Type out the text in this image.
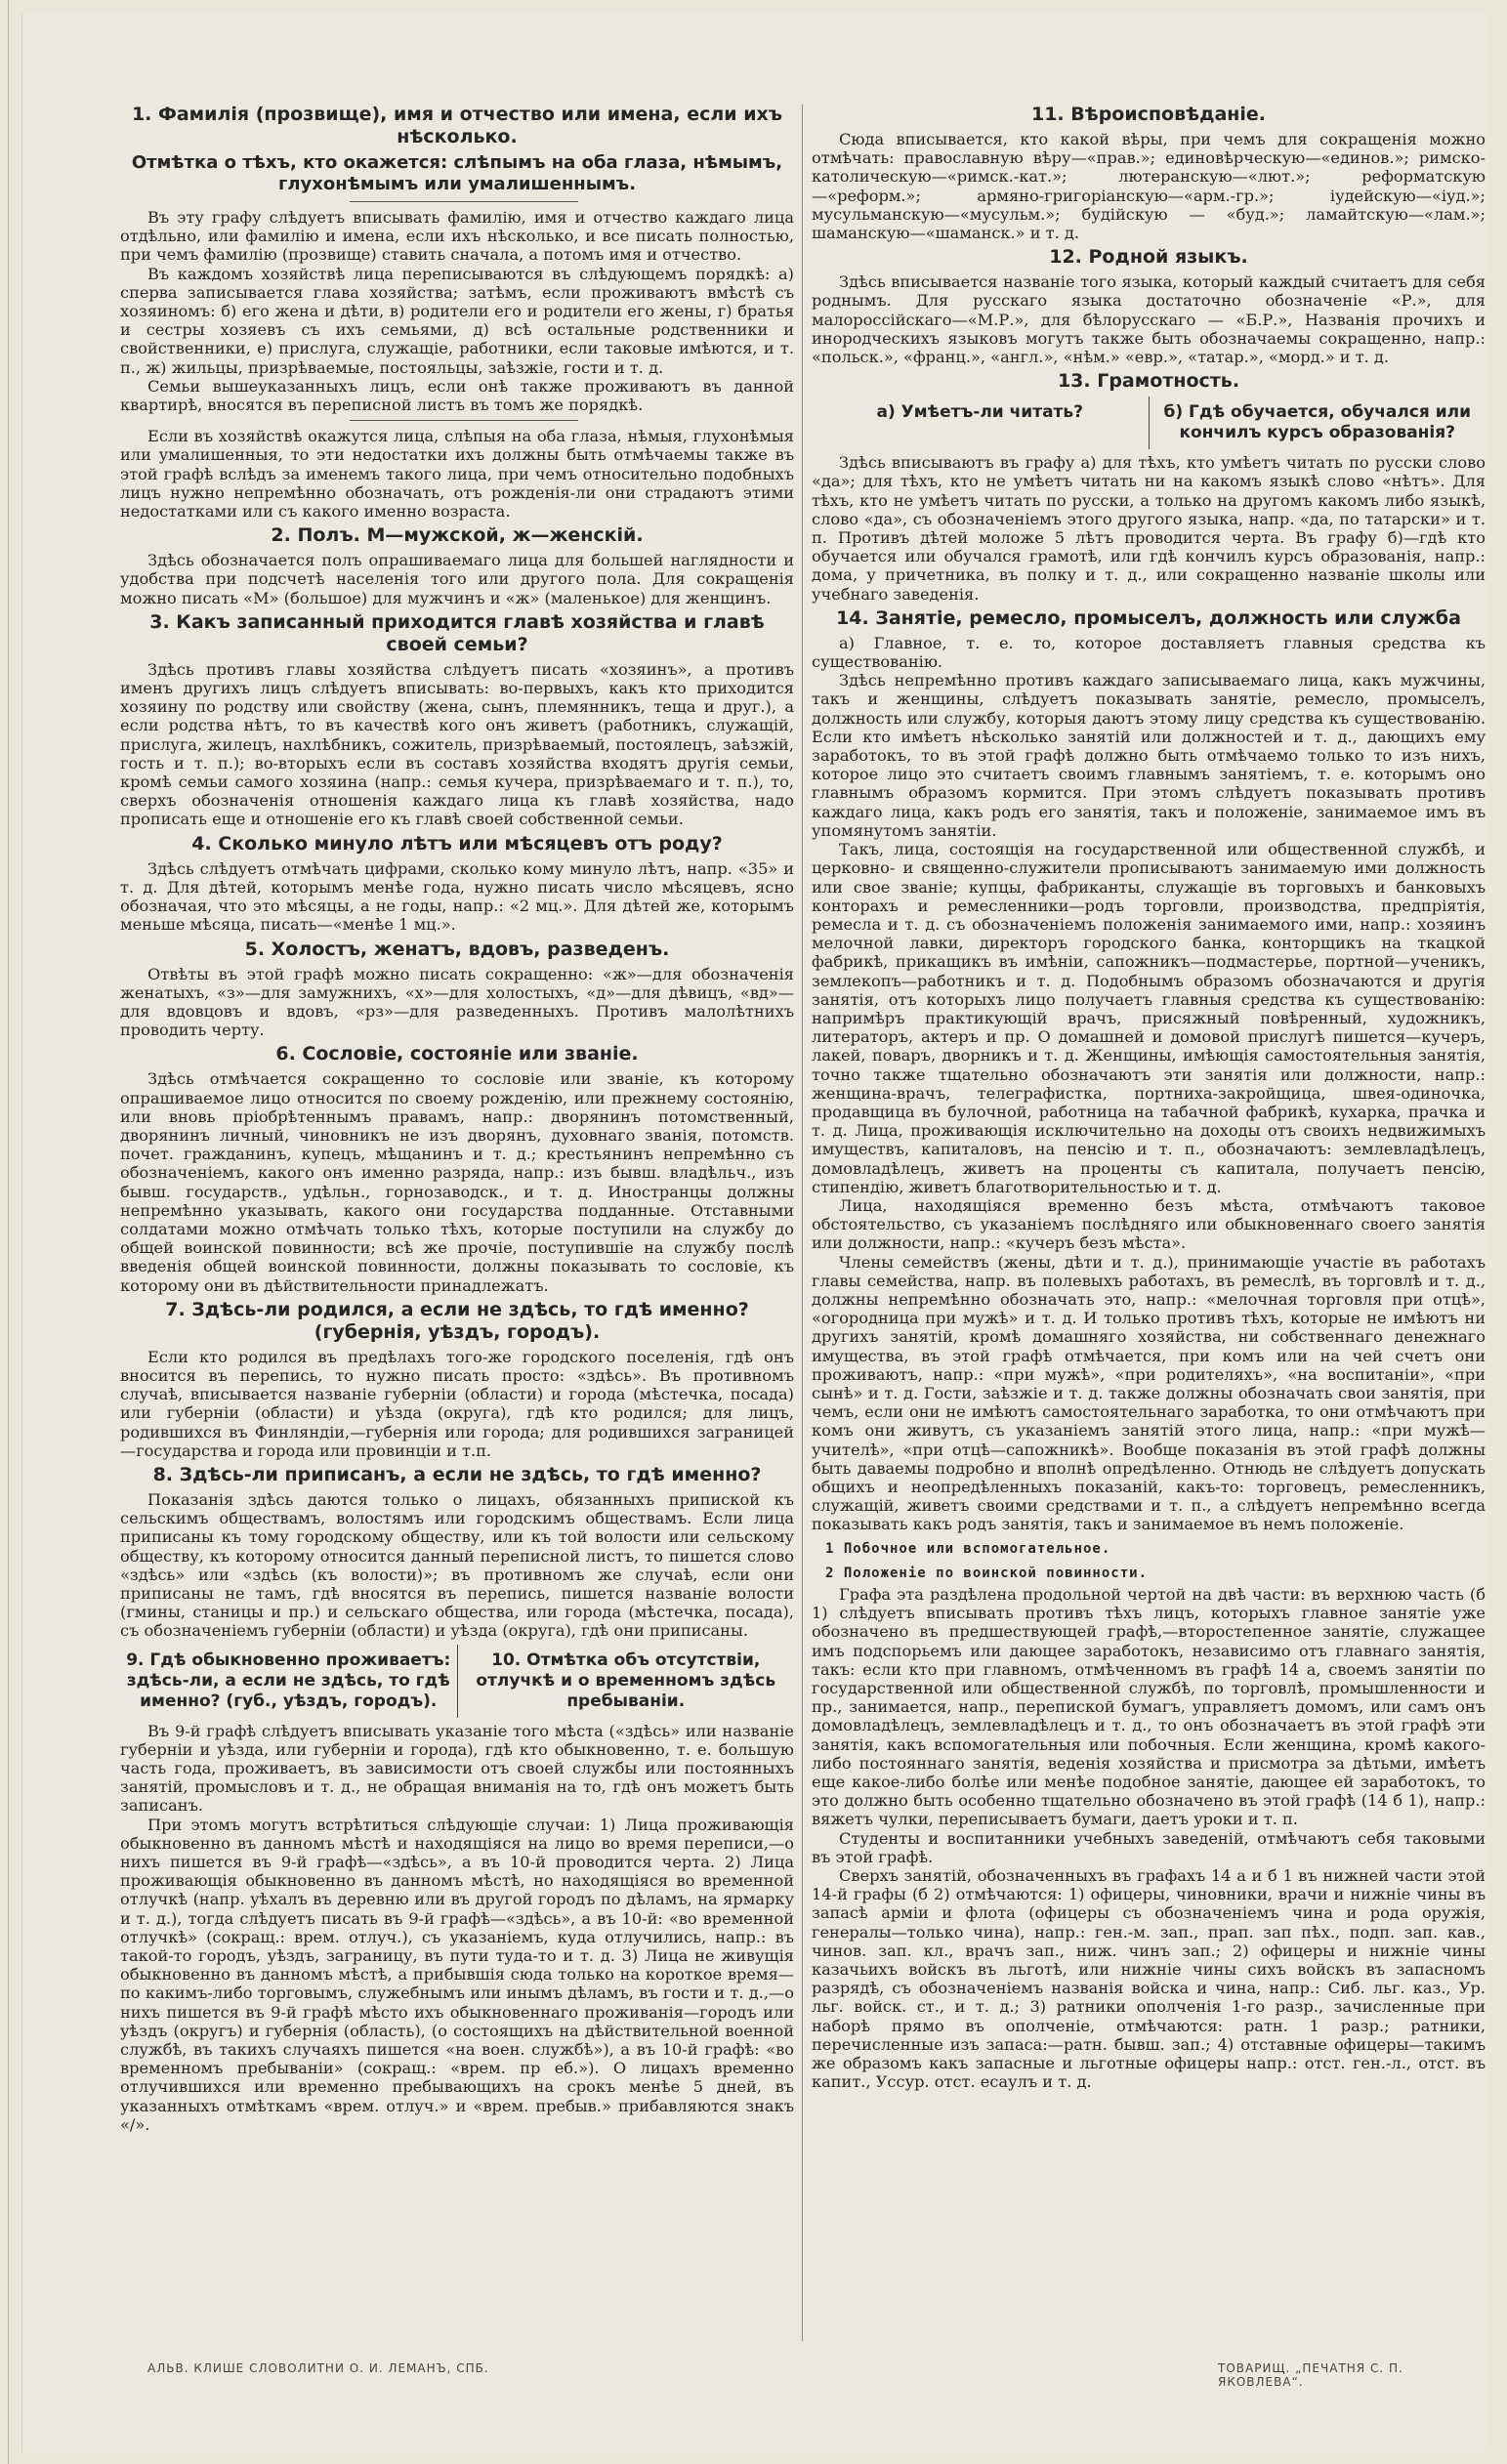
1. Фамилія (прозвище), имя и отчество или имена, если ихъ нѣсколько.
Отмѣтка о тѣхъ, кто окажется: слѣпымъ на оба глаза, нѣмымъ, глухонѣмымъ или умалишеннымъ.

Въ эту графу слѣдуетъ вписывать фамилію, имя и отчество каждаго лица отдѣльно, или фамилію и имена, если ихъ нѣсколько, и все писать полностью, при чемъ фамилію (прозвище) ставить сначала, а потомъ имя и отчество.

Въ каждомъ хозяйствѣ лица переписываются въ слѣдующемъ порядкѣ: а) сперва записывается глава хозяйства; затѣмъ, если проживаютъ вмѣстѣ съ хозяиномъ: б) его жена и дѣти, в) родители его и родители его жены, г) братья и сестры хозяевъ съ ихъ семьями, д) всѣ остальные родственники и свойственники, е) прислуга, служащіе, работники, если таковые имѣются, и т. п., ж) жильцы, призрѣваемые, постояльцы, заѣзжіе, гости и т. д.

Семьи вышеуказанныхъ лицъ, если онѣ также проживаютъ въ данной квартирѣ, вносятся въ переписной листъ въ томъ же порядкѣ.

Если въ хозяйствѣ окажутся лица, слѣпыя на оба глаза, нѣмыя, глухонѣмыя или умалишенныя, то эти недостатки ихъ должны быть отмѣчаемы также въ этой графѣ вслѣдъ за именемъ такого лица, при чемъ относительно подобныхъ лицъ нужно непремѣнно обозначать, отъ рожденія-ли они страдаютъ этими недостатками или съ какого именно возраста.

2. Полъ. М—мужской, ж—женскій.

Здѣсь обозначается полъ опрашиваемаго лица для большей наглядности и удобства при подсчетѣ населенія того или другого пола. Для сокращенія можно писать «М» (большое) для мужчинъ и «ж» (маленькое) для женщинъ.

3. Какъ записанный приходится главѣ хозяйства и главѣ своей семьи?

Здѣсь противъ главы хозяйства слѣдуетъ писать «хозяинъ», а противъ именъ другихъ лицъ слѣдуетъ вписывать: во-первыхъ, какъ кто приходится хозяину по родству или свойству (жена, сынъ, племянникъ, теща и друг.), а если родства нѣтъ, то въ качествѣ кого онъ живетъ (работникъ, служащій, прислуга, жилецъ, нахлѣбникъ, сожитель, призрѣваемый, постоялецъ, заѣзжій, гость и т. п.); во-вторыхъ если въ составъ хозяйства входятъ другія семьи, кромѣ семьи самого хозяина (напр.: семья кучера, призрѣваемаго и т. п.), то, сверхъ обозначенія отношенія каждаго лица къ главѣ хозяйства, надо прописать еще и отношеніе его къ главѣ своей собственной семьи.

4. Сколько минуло лѣтъ или мѣсяцевъ отъ роду?

Здѣсь слѣдуетъ отмѣчать цифрами, сколько кому минуло лѣтъ, напр. «35» и т. д. Для дѣтей, которымъ менѣе года, нужно писать число мѣсяцевъ, ясно обозначая, что это мѣсяцы, а не годы, напр.: «2 мц.». Для дѣтей же, которымъ меньше мѣсяца, писать—«менѣе 1 мц.».

5. Холостъ, женатъ, вдовъ, разведенъ.

Отвѣты въ этой графѣ можно писать сокращенно: «ж»—для обозначенія женатыхъ, «з»—для замужнихъ, «х»—для холостыхъ, «д»—для дѣвицъ, «вд»—для вдовцовъ и вдовъ, «рз»—для разведенныхъ. Противъ малолѣтнихъ проводить черту.

6. Сословіе, состояніе или званіе.

Здѣсь отмѣчается сокращенно то сословіе или званіе, къ которому опрашиваемое лицо относится по своему рожденію, или прежнему состоянію, или вновь пріобрѣтеннымъ правамъ, напр.: дворянинъ потомственный, дворянинъ личный, чиновникъ не изъ дворянъ, духовнаго званія, потомств. почет. гражданинъ, купецъ, мѣщанинъ и т. д.; крестьянинъ непремѣнно съ обозначеніемъ, какого онъ именно разряда, напр.: изъ бывш. владѣльч., изъ бывш. государств., удѣльн., горнозаводск., и т. д. Иностранцы должны непремѣнно указывать, какого они государства подданные. Отставными солдатами можно отмѣчать только тѣхъ, которые поступили на службу до общей воинской повинности; всѣ же прочіе, поступившіе на службу послѣ введенія общей воинской повинности, должны показывать то сословіе, къ которому они въ дѣйствительности принадлежатъ.

7. Здѣсь-ли родился, а если не здѣсь, то гдѣ именно? (губернія, уѣздъ, городъ).

Если кто родился въ предѣлахъ того-же городского поселенія, гдѣ онъ вносится въ перепись, то нужно писать просто: «здѣсь». Въ противномъ случаѣ, вписывается названіе губерніи (области) и города (мѣстечка, посада) или губерніи (области) и уѣзда (округа), гдѣ кто родился; для лицъ, родившихся въ Финляндіи,—губернія или города; для родившихся заграницей—государства и города или провинціи и т.п.

8. Здѣсь-ли приписанъ, а если не здѣсь, то гдѣ именно?

Показанія здѣсь даются только о лицахъ, обязанныхъ припиской къ сельскимъ обществамъ, волостямъ или городскимъ обществамъ. Если лица приписаны къ тому городскому обществу, или къ той волости или сельскому обществу, къ которому относится данный переписной листъ, то пишется слово «здѣсь» или «здѣсь (къ волости)»; въ противномъ же случаѣ, если они приписаны не тамъ, гдѣ вносятся въ перепись, пишется названіе волости (гмины, станицы и пр.) и сельскаго общества, или города (мѣстечка, посада), съ обозначеніемъ губерніи (области) и уѣзда (округа), гдѣ они приписаны.

9. Гдѣ обыкновенно проживаетъ: здѣсь-ли, а если не здѣсь, то гдѣ именно? (губ., уѣздъ, городъ).
10. Отмѣтка объ отсутствіи, отлучкѣ и о временномъ здѣсь пребываніи.

Въ 9-й графѣ слѣдуетъ вписывать указаніе того мѣста («здѣсь» или названіе губерніи и уѣзда, или губерніи и города), гдѣ кто обыкновенно, т. е. большую часть года, проживаетъ, въ зависимости отъ своей службы или постоянныхъ занятій, промысловъ и т. д., не обращая вниманія на то, гдѣ онъ можетъ быть записанъ.

При этомъ могутъ встрѣтиться слѣдующіе случаи: 1) Лица проживающія обыкновенно въ данномъ мѣстѣ и находящіяся на лицо во время переписи,—о нихъ пишется въ 9-й графѣ—«здѣсь», а въ 10-й проводится черта. 2) Лица проживающія обыкновенно въ данномъ мѣстѣ, но находящіяся во временной отлучкѣ (напр. уѣхалъ въ деревню или въ другой городъ по дѣламъ, на ярмарку и т. д.), тогда слѣдуетъ писать въ 9-й графѣ—«здѣсь», а въ 10-й: «во временной отлучкѣ» (сокращ.: врем. отлуч.), съ указаніемъ, куда отлучились, напр.: въ такой-то городъ, уѣздъ, заграницу, въ пути туда-то и т. д. 3) Лица не живущія обыкновенно въ данномъ мѣстѣ, а прибывшія сюда только на короткое время—по какимъ-либо торговымъ, служебнымъ или инымъ дѣламъ, въ гости и т. д.,—о нихъ пишется въ 9-й графѣ мѣсто ихъ обыкновеннаго проживанія—городъ или уѣздъ (округъ) и губернія (область), (о состоящихъ на дѣйствительной военной службѣ, въ такихъ случаяхъ пишется «на воен. службѣ»), а въ 10-й графѣ: «во временномъ пребываніи» (сокращ.: «врем. пр еб.»). О лицахъ временно отлучившихся или временно пребывающихъ на срокъ менѣе 5 дней, въ указанныхъ отмѣткамъ «врем. отлуч.» и «врем. пребыв.» прибавляются знакъ «/».

11. Вѣроисповѣданіе.

Сюда вписывается, кто какой вѣры, при чемъ для сокращенія можно отмѣчать: православную вѣру—«прав.»; единовѣрческую—«единов.»; римско-католическую—«римск.-кат.»; лютеранскую—«лют.»; реформатскую—«реформ.»; армяно-григоріанскую—«арм.-гр.»; іудейскую—«іуд.»; мусульманскую—«мусульм.»; будійскую — «буд.»; ламайтскую—«лам.»; шаманскую—«шаманск.» и т. д.

12. Родной языкъ.

Здѣсь вписывается названіе того языка, который каждый считаетъ для себя роднымъ. Для русскаго языка достаточно обозначеніе «Р.», для малороссійскаго—«М.Р.», для бѣлорусскаго — «Б.Р.», Названія прочихъ и инородческихъ языковъ могутъ также быть обозначаемы сокращенно, напр.: «польск.», «франц.», «англ.», «нѣм.» «евр.», «татар.», «морд.» и т. д.

13. Грамотность.
а) Умѣетъ-ли читать?	б) Гдѣ обучается, обучался или кончилъ курсъ образованія?

Здѣсь вписываютъ въ графу а) для тѣхъ, кто умѣетъ читать по русски слово «да»; для тѣхъ, кто не умѣетъ читать ни на какомъ языкѣ слово «нѣтъ». Для тѣхъ, кто не умѣетъ читать по русски, а только на другомъ какомъ либо языкѣ, слово «да», съ обозначеніемъ этого другого языка, напр. «да, по татарски» и т. п. Противъ дѣтей моложе 5 лѣтъ проводится черта. Въ графу б)—гдѣ кто обучается или обучался грамотѣ, или гдѣ кончилъ курсъ образованія, напр.: дома, у причетника, въ полку и т. д., или сокращенно названіе школы или учебнаго заведенія.

14. Занятіе, ремесло, промыселъ, должность или служба

а) Главное, т. е. то, которое доставляетъ главныя средства къ существованію.

Здѣсь непремѣнно противъ каждаго записываемаго лица, какъ мужчины, такъ и женщины, слѣдуетъ показывать занятіе, ремесло, промыселъ, должность или службу, которыя даютъ этому лицу средства къ существованію. Если кто имѣетъ нѣсколько занятій или должностей и т. д., дающихъ ему заработокъ, то въ этой графѣ должно быть отмѣчаемо только то изъ нихъ, которое лицо это считаетъ своимъ главнымъ занятіемъ, т. е. которымъ оно главнымъ образомъ кормится. При этомъ слѣдуетъ показывать противъ каждаго лица, какъ родъ его занятія, такъ и положеніе, занимаемое имъ въ упомянутомъ занятіи.

Такъ, лица, состоящія на государственной или общественной службѣ, и церковно- и священно-служители прописываютъ занимаемую ими должность или свое званіе; купцы, фабриканты, служащіе въ торговыхъ и банковыхъ конторахъ и ремесленники—родъ торговли, производства, предпріятія, ремесла и т. д. съ обозначеніемъ положенія занимаемого ими, напр.: хозяинъ мелочной лавки, директоръ городского банка, конторщикъ на ткацкой фабрикѣ, прикащикъ въ имѣніи, сапожникъ—подмастерье, портной—ученикъ, землекопъ—работникъ и т. д. Подобнымъ образомъ обозначаются и другія занятія, отъ которыхъ лицо получаетъ главныя средства къ существованію: напримѣръ практикующій врачъ, присяжный повѣренный, художникъ, литераторъ, актеръ и пр. О домашней и домовой прислугѣ пишется—кучеръ, лакей, поваръ, дворникъ и т. д. Женщины, имѣющія самостоятельныя занятія, точно также тщательно обозначаютъ эти занятія или должности, напр.: женщина-врачъ, телеграфистка, портниха-закройщица, швея-одиночка, продавщица въ булочной, работница на табачной фабрикѣ, кухарка, прачка и т. д. Лица, проживающія исключительно на доходы отъ своихъ недвижимыхъ имуществъ, капиталовъ, на пенсію и т. п., обозначаютъ: землевладѣлецъ, домовладѣлецъ, живетъ на проценты съ капитала, получаетъ пенсію, стипендію, живетъ благотворительностью и т. д.

Лица, находящіяся временно безъ мѣста, отмѣчаютъ таковое обстоятельство, съ указаніемъ послѣдняго или обыкновеннаго своего занятія или должности, напр.: «кучеръ безъ мѣста».

Члены семействъ (жены, дѣти и т. д.), принимающіе участіе въ работахъ главы семейства, напр. въ полевыхъ работахъ, въ ремеслѣ, въ торговлѣ и т. д., должны непремѣнно обозначать это, напр.: «мелочная торговля при отцѣ», «огородница при мужѣ» и т. д. И только противъ тѣхъ, которые не имѣютъ ни другихъ занятій, кромѣ домашняго хозяйства, ни собственнаго денежнаго имущества, въ этой графѣ отмѣчается, при комъ или на чей счетъ они проживаютъ, напр.: «при мужѣ», «при родителяхъ», «на воспитаніи», «при сынѣ» и т. д. Гости, заѣзжіе и т. д. также должны обозначать свои занятія, при чемъ, если они не имѣютъ самостоятельнаго заработка, то они отмѣчаютъ при комъ они живутъ, съ указаніемъ занятій этого лица, напр.: «при мужѣ—учителѣ», «при отцѣ—сапожникѣ». Вообще показанія въ этой графѣ должны быть даваемы подробно и вполнѣ опредѣленно. Отнюдь не слѣдуетъ допускать общихъ и неопредѣленныхъ показаній, какъ-то: торговецъ, ремесленникъ, служащій, живетъ своими средствами и т. п., а слѣдуетъ непремѣнно всегда показывать какъ родъ занятія, такъ и занимаемое въ немъ положеніе.

1 Побочное или вспомогательное.
2 Положеніе по воинской повинности.

Графа эта раздѣлена продольной чертой на двѣ части: въ верхнюю часть (б 1) слѣдуетъ вписывать противъ тѣхъ лицъ, которыхъ главное занятіе уже обозначено въ предшествующей графѣ,—второстепенное занятіе, служащее имъ подспорьемъ или дающее заработокъ, независимо отъ главнаго занятія, такъ: если кто при главномъ, отмѣченномъ въ графѣ 14 а, своемъ занятіи по государственной или общественной службѣ, по торговлѣ, промышленности и пр., занимается, напр., перепиской бумагъ, управляетъ домомъ, или самъ онъ домовладѣлецъ, землевладѣлецъ и т. д., то онъ обозначаетъ въ этой графѣ эти занятія, какъ вспомогательныя или побочныя. Если женщина, кромѣ какого-либо постояннаго занятія, веденія хозяйства и присмотра за дѣтьми, имѣетъ еще какое-либо болѣе или менѣе подобное занятіе, дающее ей заработокъ, то это должно быть особенно тщательно обозначено въ этой графѣ (14 б 1), напр.: вяжетъ чулки, переписываетъ бумаги, даетъ уроки и т. п.

Студенты и воспитанники учебныхъ заведеній, отмѣчаютъ себя таковыми въ этой графѣ.

Сверхъ занятій, обозначенныхъ въ графахъ 14 а и б 1 въ нижней части этой 14-й графы (б 2) отмѣчаются: 1) офицеры, чиновники, врачи и нижніе чины въ запасѣ арміи и флота (офицеры съ обозначеніемъ чина и рода оружія, генералы—только чина), напр.: ген.-м. зап., прап. зап пѣх., подп. зап. кав., чинов. зап. кл., врачъ зап., ниж. чинъ зап.; 2) офицеры и нижніе чины казачьихъ войскъ въ льготѣ, или нижніе чины сихъ войскъ въ запасномъ разрядѣ, съ обозначеніемъ названія войска и чина, напр.: Сиб. льг. каз., Ур. льг. войск. ст., и т. д.; 3) ратники ополченія 1-го разр., зачисленные при наборѣ прямо въ ополченіе, отмѣчаются: ратн. 1 разр.; ратники, перечисленные изъ запаса:—ратн. бывш. зап.; 4) отставные офицеры—такимъ же образомъ какъ запасные и льготные офицеры напр.: отст. ген.-л., отст. въ капит., Уссур. отст. есаулъ и т. д.

АЛЬВ. КЛИШЕ СЛОВОЛИТНИ О. И. ЛЕМАНЪ, СПБ.	ТОВАРИЩ. „ПЕЧАТНЯ С. П. ЯКОВЛЕВА“.
